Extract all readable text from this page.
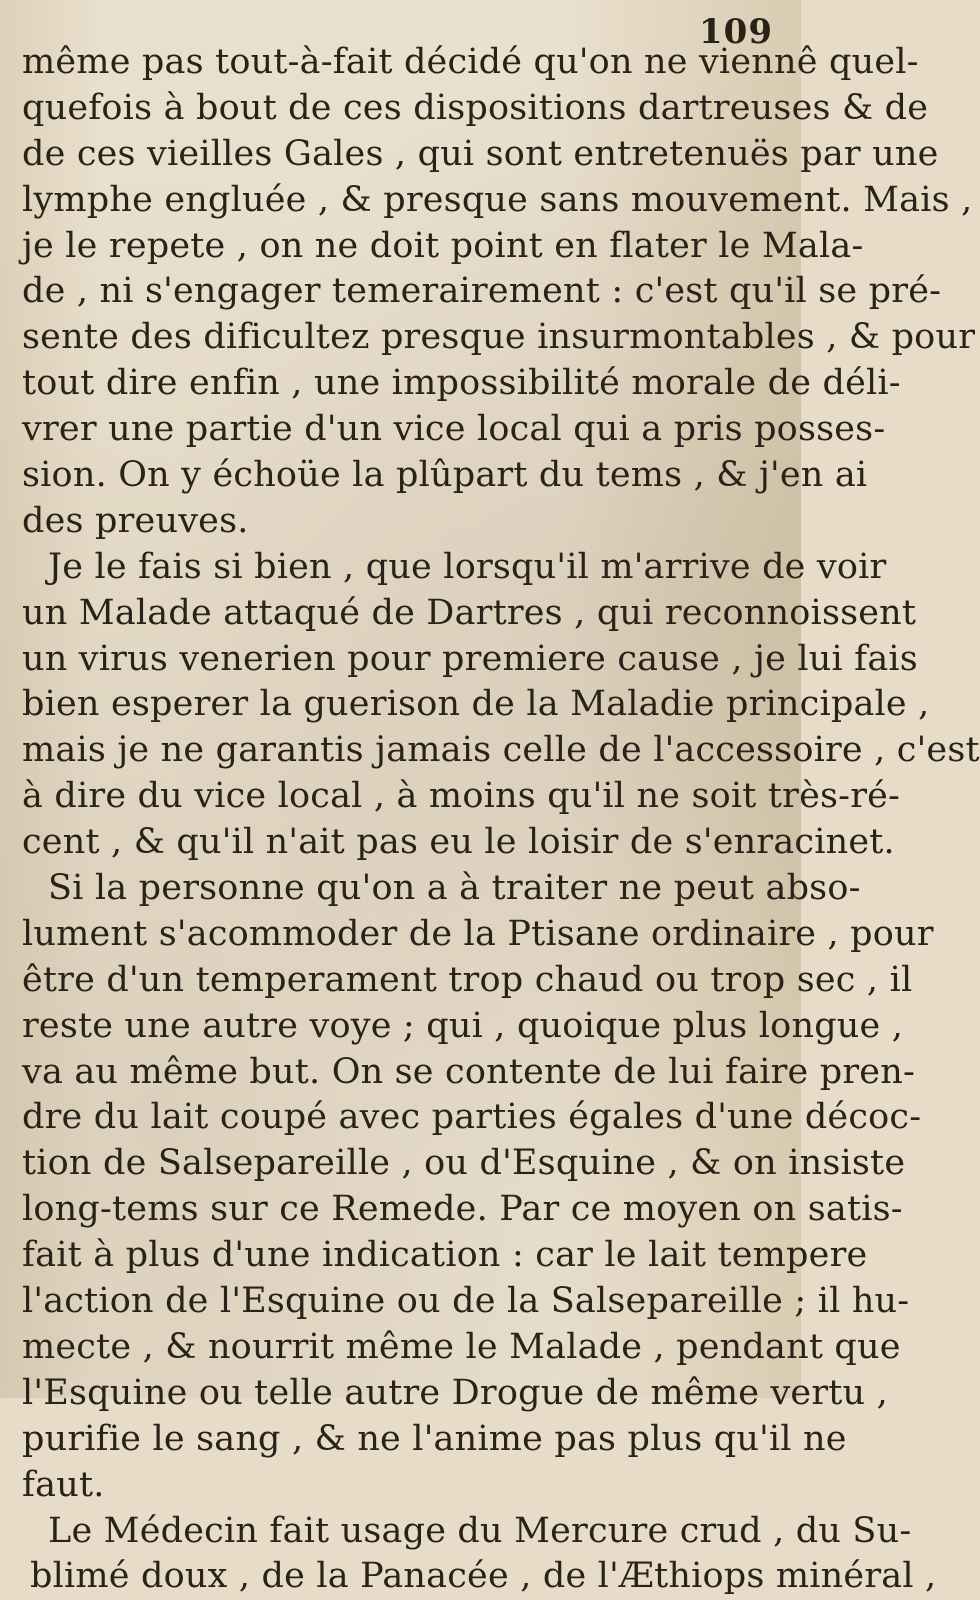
109
même pas tout-à-fait décidé qu'on ne viennê quel-
quefois à bout de ces dispositions dartreuses & de
de ces vieilles Gales , qui sont entretenuës par une
lymphe engluée , & presque sans mouvement. Mais ,
je le repete , on ne doit point en flater le Mala-
de , ni s'engager temerairement : c'est qu'il se pré-
sente des dificultez presque insurmontables , & pour
tout dire enfin , une impossibilité morale de déli-
vrer une partie d'un vice local qui a pris posses-
sion. On y échoüe la plûpart du tems , & j'en ai
des preuves.
Je le fais si bien , que lorsqu'il m'arrive de voir
un Malade attaqué de Dartres , qui reconnoissent
un virus venerien pour premiere cause , je lui fais
bien esperer la guerison de la Maladie principale ,
mais je ne garantis jamais celle de l'accessoire , c'est
à dire du vice local , à moins qu'il ne soit très-ré-
cent , & qu'il n'ait pas eu le loisir de s'enracinet.
Si la personne qu'on a à traiter ne peut abso-
lument s'acommoder de la Ptisane ordinaire , pour
être d'un temperament trop chaud ou trop sec , il
reste une autre voye ; qui , quoique plus longue ,
va au même but. On se contente de lui faire pren-
dre du lait coupé avec parties égales d'une décoc-
tion de Salsepareille , ou d'Esquine , & on insiste
long-tems sur ce Remede. Par ce moyen on satis-
fait à plus d'une indication : car le lait tempere
l'action de l'Esquine ou de la Salsepareille ; il hu-
mecte , & nourrit même le Malade , pendant que
l'Esquine ou telle autre Drogue de même vertu ,
purifie le sang , & ne l'anime pas plus qu'il ne
faut.
Le Médecin fait usage du Mercure crud , du Su-
blimé doux , de la Panacée , de l'Æthiops minéral ,
